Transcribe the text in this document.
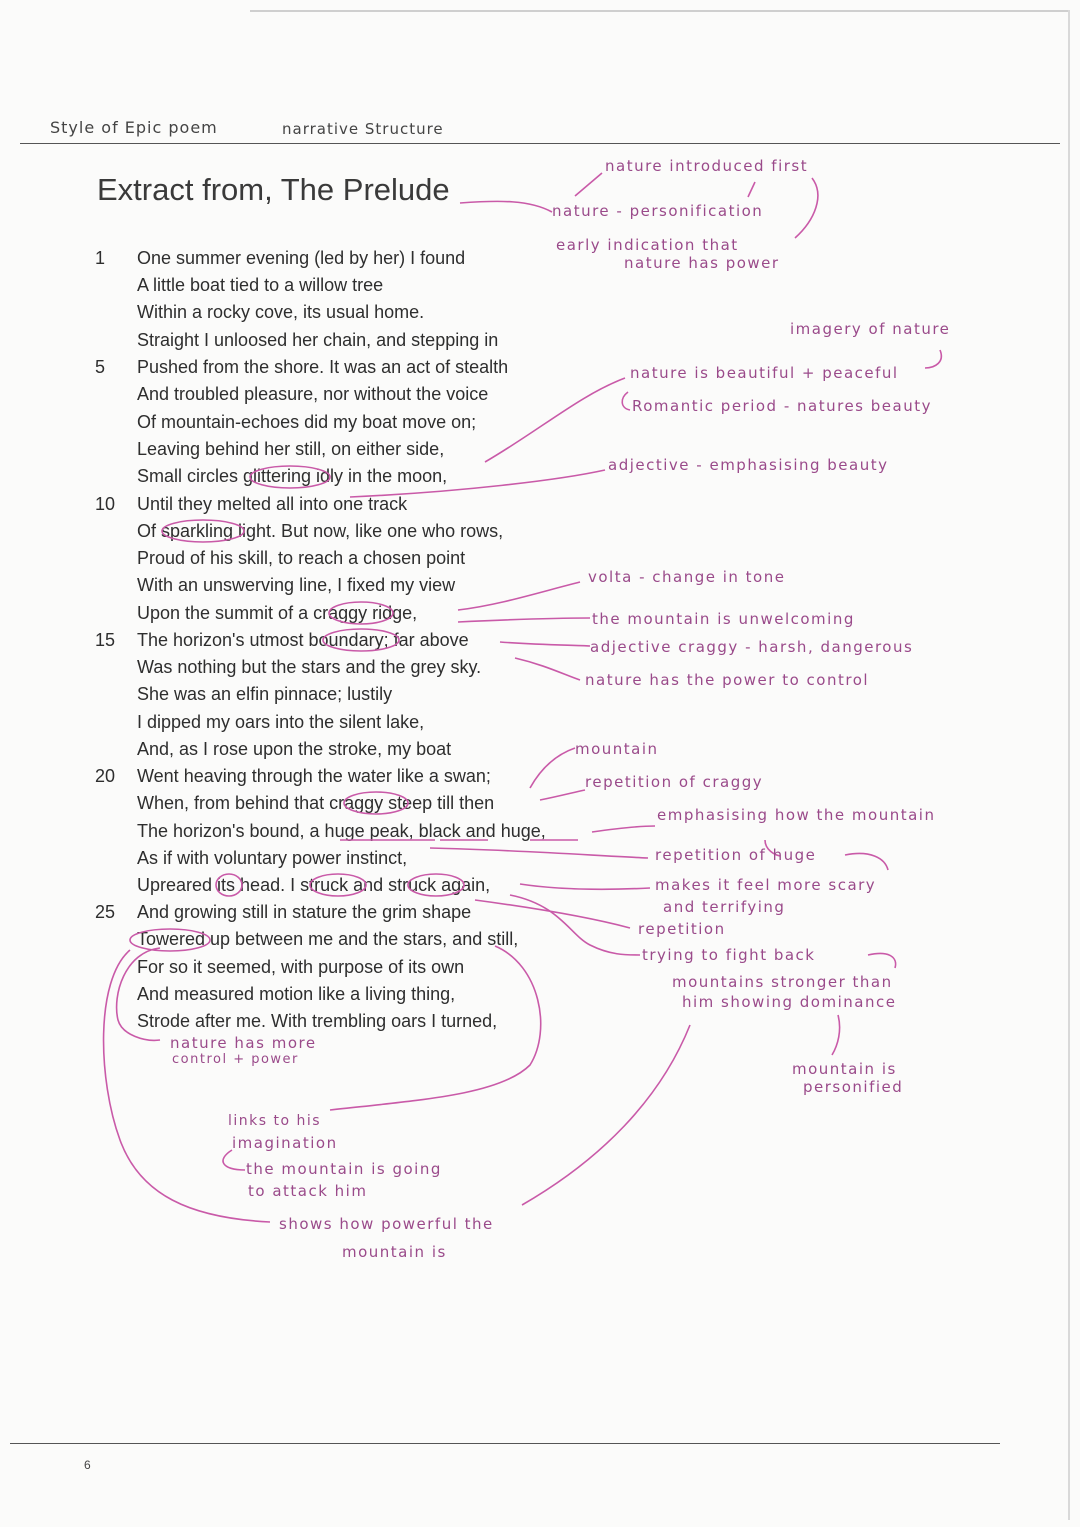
Style of Epic poem	narrative Structure
Extract from, The Prelude
1
5
10
15
20
25
One summer evening (led by her) I found
A little boat tied to a willow tree
Within a rocky cove, its usual home.
Straight I unloosed her chain, and stepping in
Pushed from the shore. It was an act of stealth
And troubled pleasure, nor without the voice
Of mountain-echoes did my boat move on;
Leaving behind her still, on either side,
Small circles glittering idly in the moon,
Until they melted all into one track
Of sparkling light. But now, like one who rows,
Proud of his skill, to reach a chosen point
With an unswerving line, I fixed my view
Upon the summit of a craggy ridge,
The horizon's utmost boundary; far above
Was nothing but the stars and the grey sky.
She was an elfin pinnace; lustily
I dipped my oars into the silent lake,
And, as I rose upon the stroke, my boat
Went heaving through the water like a swan;
When, from behind that craggy steep till then
The horizon's bound, a huge peak, black and huge,
As if with voluntary power instinct,
Upreared its head. I struck and struck again,
And growing still in stature the grim shape
Towered up between me and the stars, and still,
For so it seemed, with purpose of its own
And measured motion like a living thing,
Strode after me. With trembling oars I turned,
nature introduced first
nature - personification
early indication that
nature has power
imagery of nature
nature is beautiful + peaceful
Romantic period - natures beauty
adjective - emphasising beauty
volta - change in tone
the mountain is unwelcoming
adjective craggy - harsh, dangerous
nature has the power to control
mountain
repetition of craggy
emphasising how the mountain
repetition of huge
makes it feel more scary
and terrifying
repetition
trying to fight back
mountains stronger than
him showing dominance
mountain is
personified
nature has more
control + power
links to his
imagination
the mountain is going
to attack him
shows how powerful the
mountain is
6
